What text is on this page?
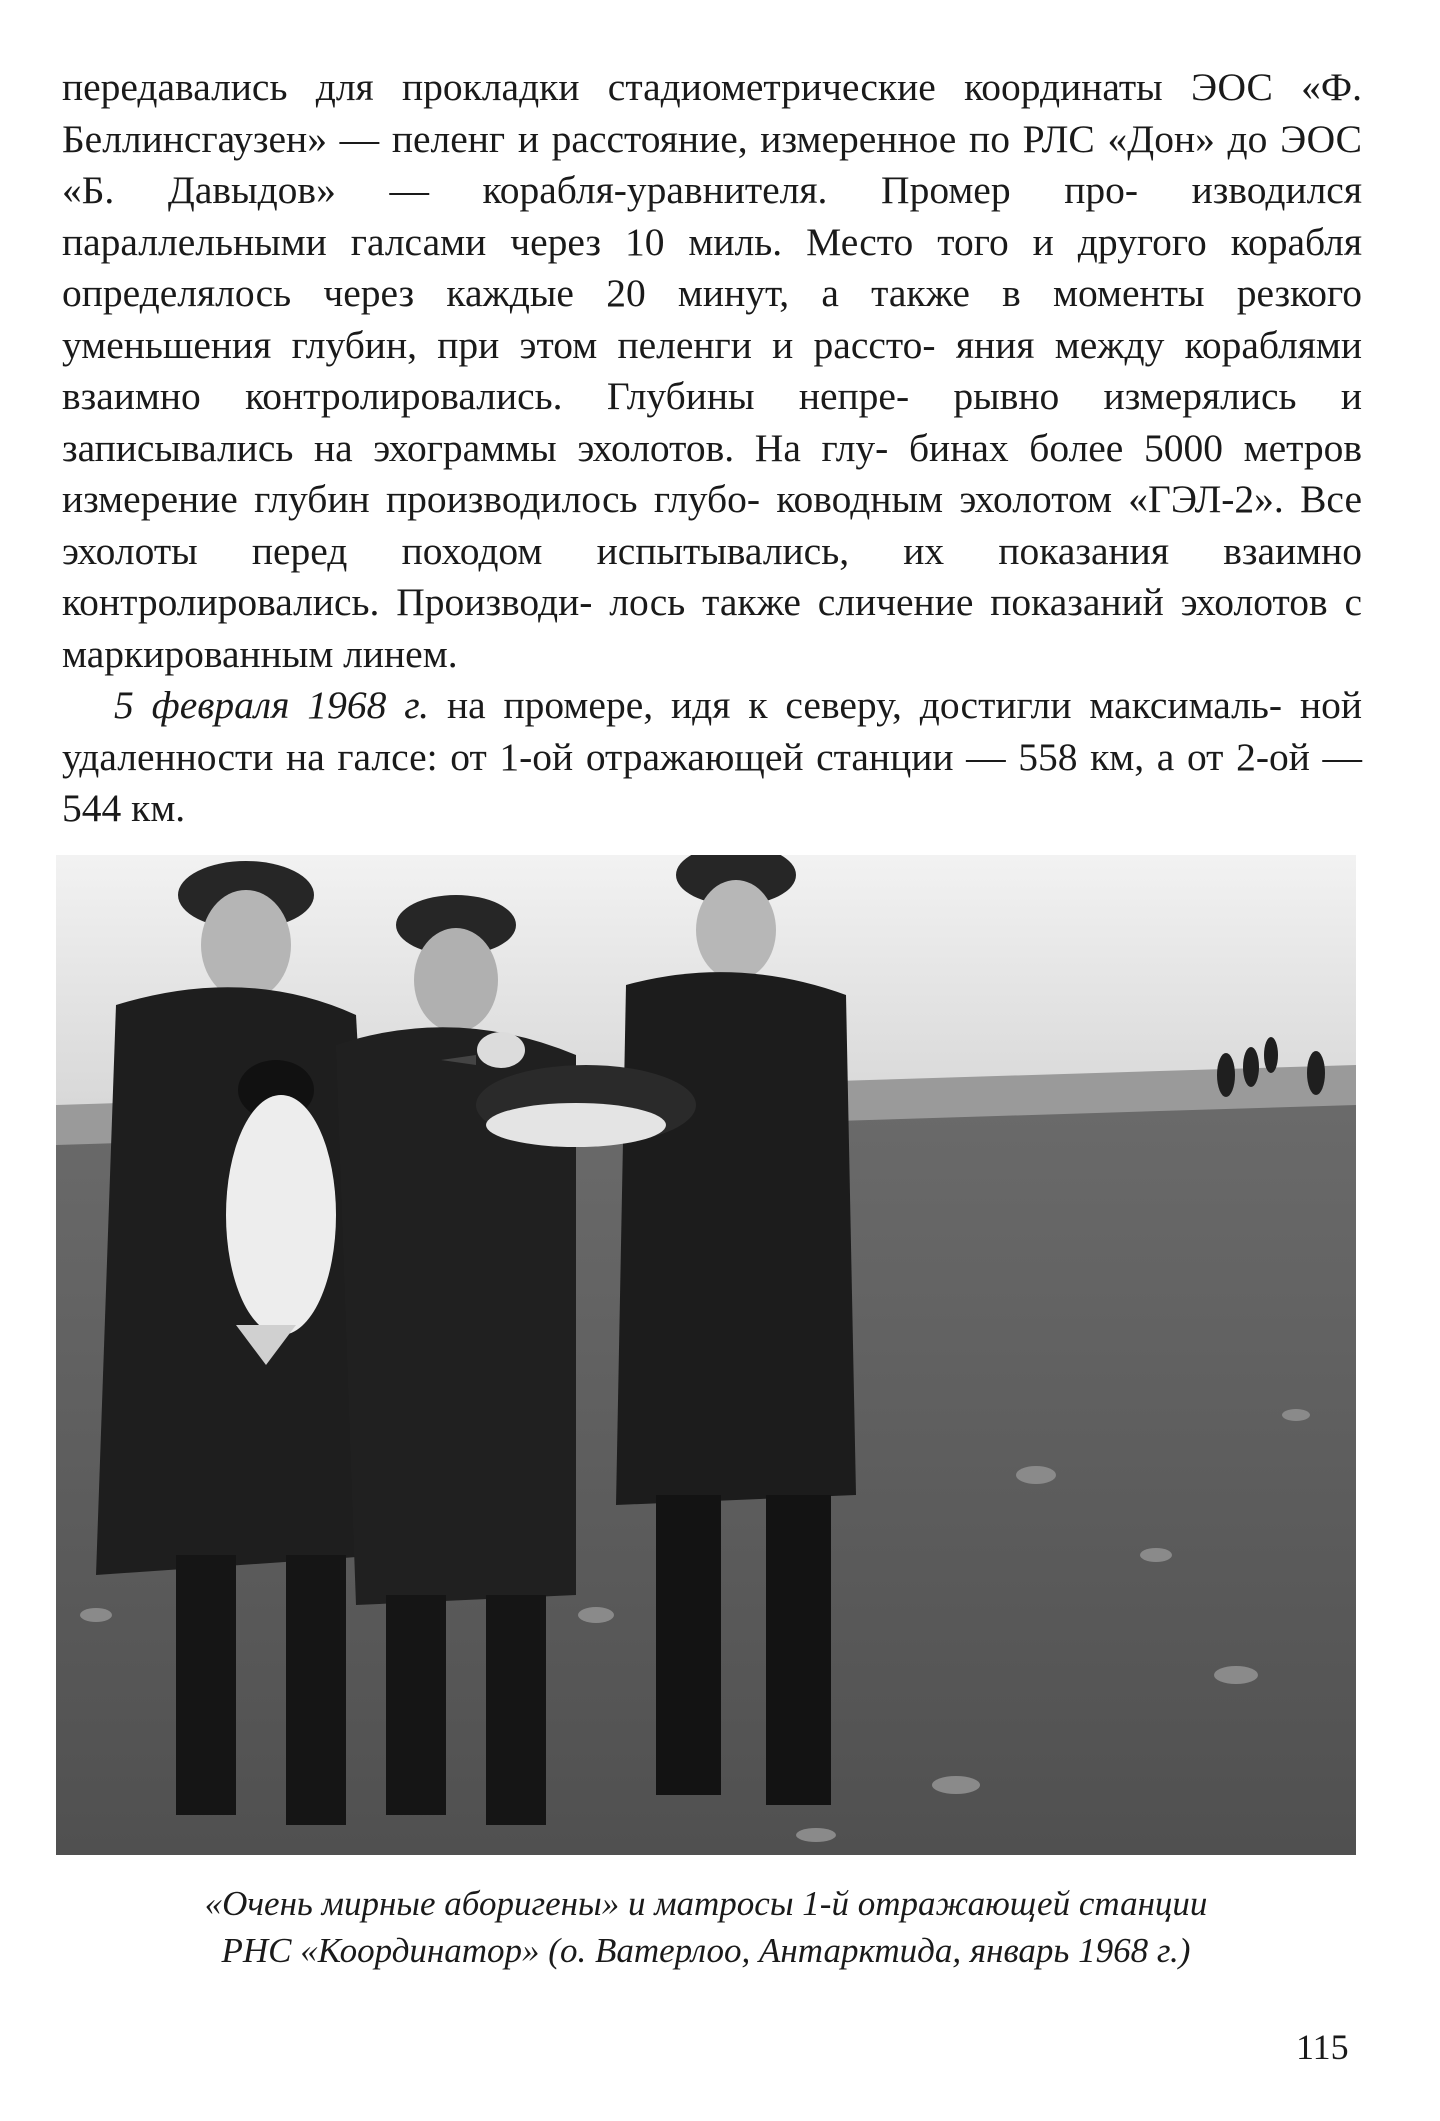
передавались для прокладки стадиометрические координаты ЭОС «Ф. Беллинсгаузен» — пеленг и расстояние, измеренное по РЛС «Дон» до ЭОС «Б. Давыдов» — корабля-уравнителя. Промер про- изводился параллельными галсами через 10 миль. Место того и другого корабля определялось через каждые 20 минут, а также в моменты резкого уменьшения глубин, при этом пеленги и рассто- яния между кораблями взаимно контролировались. Глубины непре- рывно измерялись и записывались на эхограммы эхолотов. На глу- бинах более 5000 метров измерение глубин производилось глубо- ководным эхолотом «ГЭЛ-2». Все эхолоты перед походом испытывались, их показания взаимно контролировались. Производи- лось также сличение показаний эхолотов с маркированным линем.

5 февраля 1968 г. на промере, идя к северу, достигли максималь- ной удаленности на галсе: от 1-ой отражающей станции — 558 км, а от 2-ой — 544 км.

«Очень мирные аборигены» и матросы 1-й отражающей станции
РНС «Координатор» (о. Ватерлоо, Антарктида, январь 1968 г.)
115
